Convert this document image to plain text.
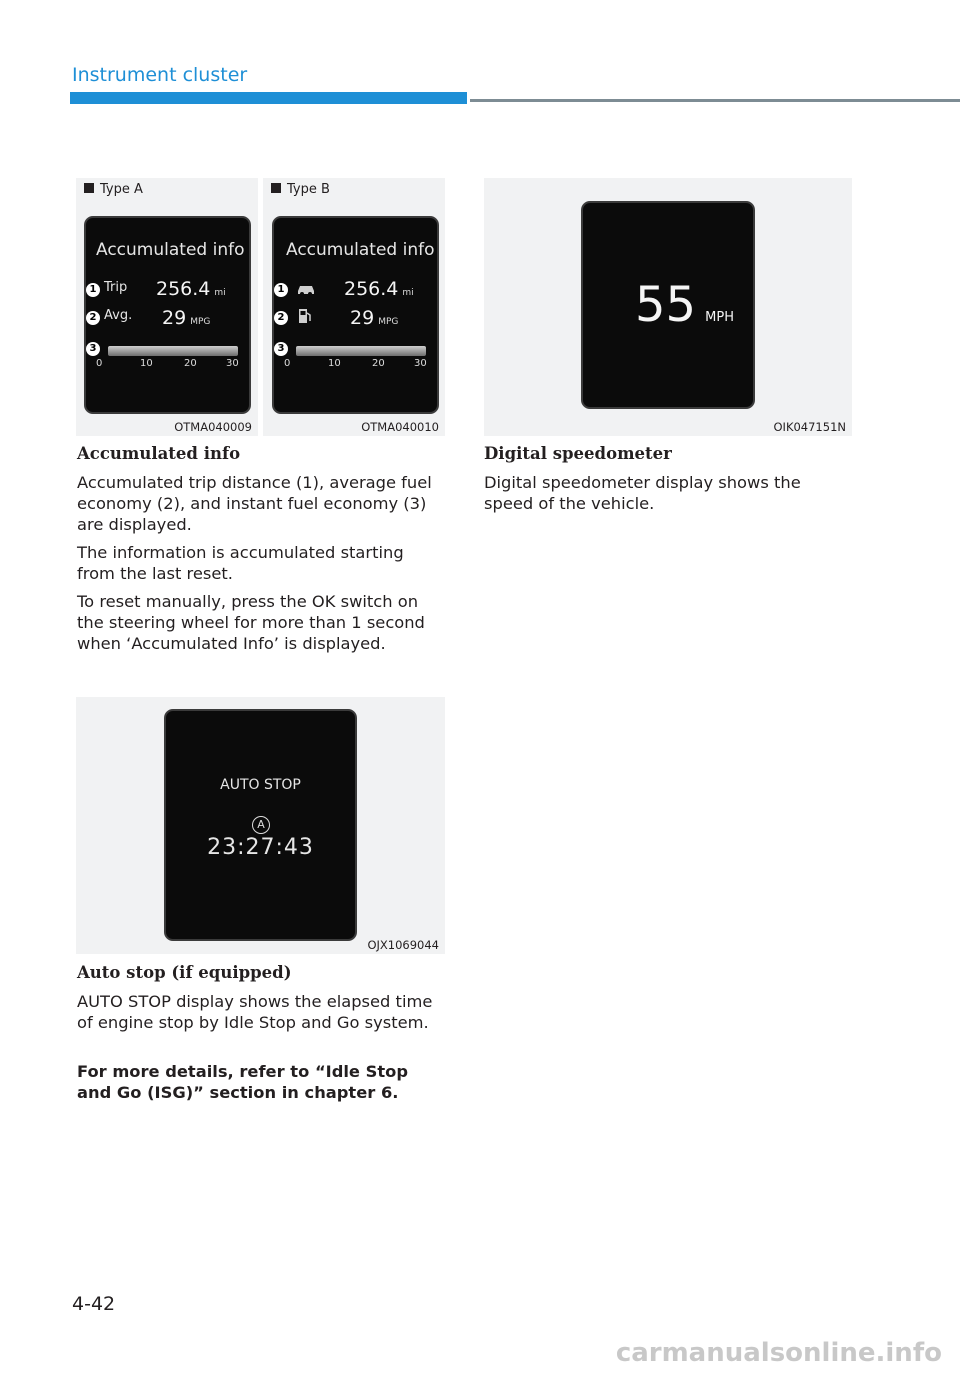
Instrument cluster
Type A
Accumulated info
1 Trip 256.4 mi
2 Avg. 29 MPG
3
0	10	20	30
OTMA040009
Type B
Accumulated info
1	256.4 mi
2	29 MPG
3
0	10	20	30
OTMA040010
Accumulated info

Accumulated trip distance (1), average fuel economy (2), and instant fuel economy (3) are displayed.

The information is accumulated starting from the last reset.

To reset manually, press the OK switch on the steering wheel for more than 1 second when ‘Accumulated Info’ is displayed.

AUTO STOP
A
23:27:43
OJX1069044
Auto stop (if equipped)

AUTO STOP display shows the elapsed time of engine stop by Idle Stop and Go system.

For more details, refer to “Idle Stop and Go (ISG)” section in chapter 6.

55 MPH
OIK047151N
Digital speedometer

Digital speedometer display shows the speed of the vehicle.

4-42
carmanualsonline.info
